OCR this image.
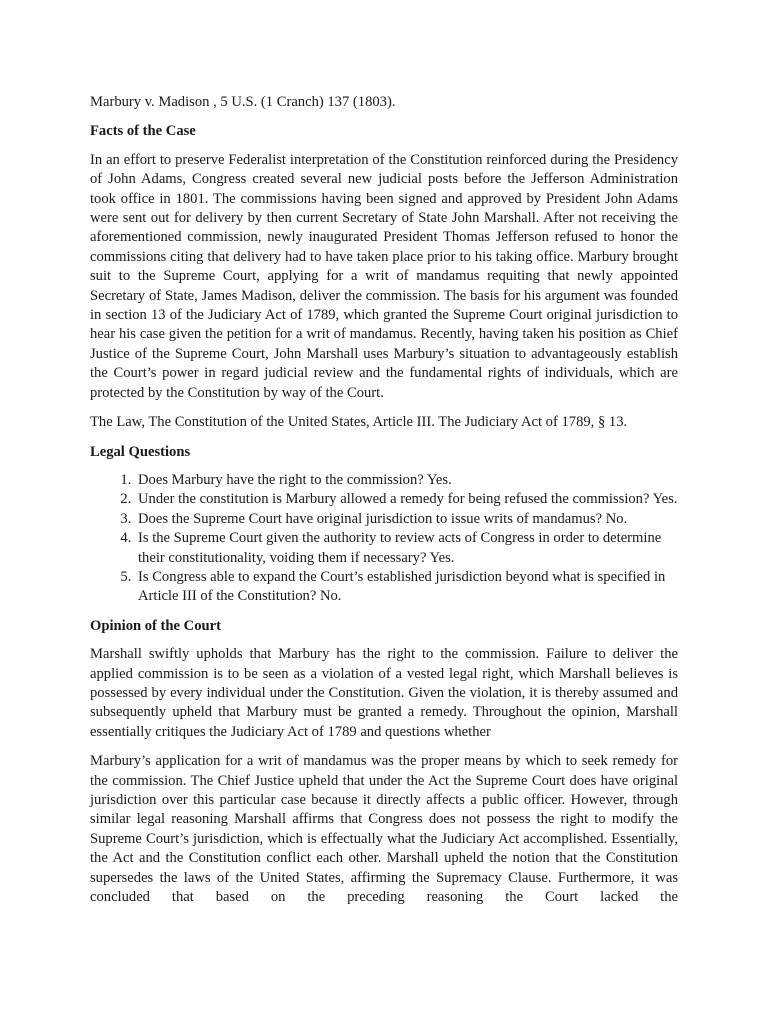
Marbury v. Madison , 5 U.S. (1 Cranch) 137 (1803).
Facts of the Case

In an effort to preserve Federalist interpretation of the Constitution reinforced during the Presidency of John Adams, Congress created several new judicial posts before the Jefferson Administration took office in 1801. The commissions having been signed and approved by President John Adams were sent out for delivery by then current Secretary of State John Marshall. After not receiving the aforementioned commission, newly inaugurated President Thomas Jefferson refused to honor the commissions citing that delivery had to have taken place prior to his taking office. Marbury brought suit to the Supreme Court, applying for a writ of mandamus requiting that newly appointed Secretary of State, James Madison, deliver the commission. The basis for his argument was founded in section 13 of the Judiciary Act of 1789, which granted the Supreme Court original jurisdiction to hear his case given the petition for a writ of mandamus. Recently, having taken his position as Chief Justice of the Supreme Court, John Marshall uses Marbury’s situation to advantageously establish the Court’s power in regard judicial review and the fundamental rights of individuals, which are protected by the Constitution by way of the Court.

The Law, The Constitution of the United States, Article III. The Judiciary Act of 1789, § 13.

Legal Questions
1. Does Marbury have the right to the commission? Yes.
2. Under the constitution is Marbury allowed a remedy for being refused the commission? Yes.
3. Does the Supreme Court have original jurisdiction to issue writs of mandamus? No.
4. Is the Supreme Court given the authority to review acts of Congress in order to determine their constitutionality, voiding them if necessary? Yes.
5. Is Congress able to expand the Court’s established jurisdiction beyond what is specified in Article III of the Constitution? No.
Opinion of the Court

Marshall swiftly upholds that Marbury has the right to the commission. Failure to deliver the applied commission is to be seen as a violation of a vested legal right, which Marshall believes is possessed by every individual under the Constitution. Given the violation, it is thereby assumed and subsequently upheld that Marbury must be granted a remedy. Throughout the opinion, Marshall essentially critiques the Judiciary Act of 1789 and questions whether

Marbury’s application for a writ of mandamus was the proper means by which to seek remedy for the commission. The Chief Justice upheld that under the Act the Supreme Court does have original jurisdiction over this particular case because it directly affects a public officer. However, through similar legal reasoning Marshall affirms that Congress does not possess the right to modify the Supreme Court’s jurisdiction, which is effectually what the Judiciary Act accomplished. Essentially, the Act and the Constitution conflict each other. Marshall upheld the notion that the Constitution supersedes the laws of the United States, affirming the Supremacy Clause. Furthermore, it was concluded that based on the preceding reasoning the Court lacked the
